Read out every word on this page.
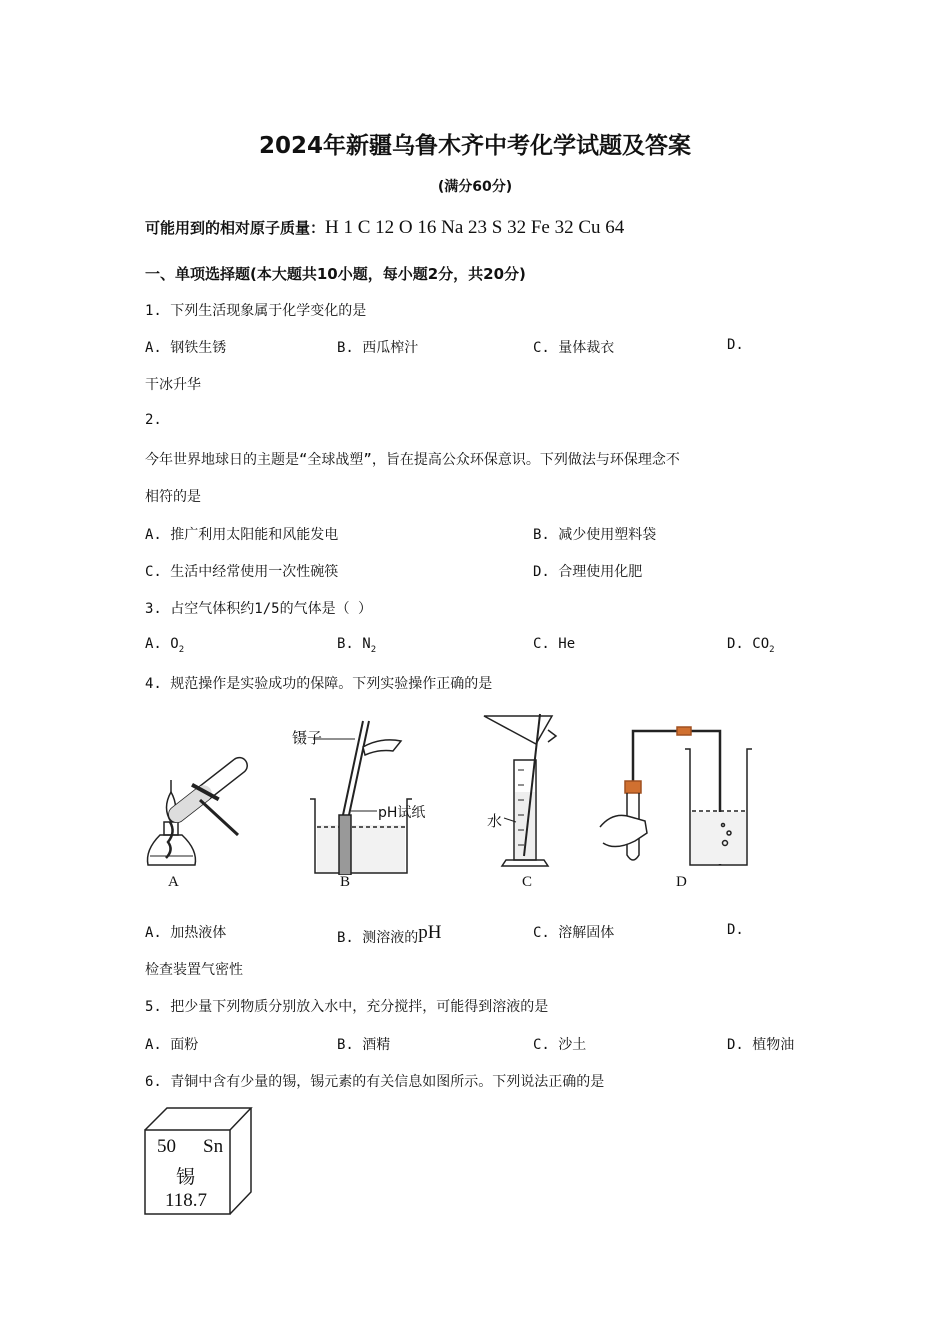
2024年新疆乌鲁木齐中考化学试题及答案
(满分60分)
可能用到的相对原子质量：H 1 C 12 O 16 Na 23 S 32 Fe 32 Cu 64
一、单项选择题(本大题共10小题，每小题2分，共20分)
1. 下列生活现象属于化学变化的是
A. 钢铁生锈	B. 西瓜榨汁	C. 量体裁衣	D.
干冰升华
2.
今年世界地球日的主题是“全球战塑”，旨在提高公众环保意识。下列做法与环保理念不
相符的是
A. 推广利用太阳能和风能发电	B. 减少使用塑料袋
C. 生活中经常使用一次性碗筷	D. 合理使用化肥
3. 占空气体积约1/5的气体是（ ）
A. $O_2$	B. $N_2$	C. He	D. $CO_2$
4. 规范操作是实验成功的保障。下列实验操作正确的是
A
镊子
pH试纸
B
水
C	D
A. 加热液体	B. 测溶液的pH	C. 溶解固体	D.
检查装置气密性
5. 把少量下列物质分别放入水中，充分搅拌，可能得到溶液的是
A. 面粉	B. 酒精	C. 沙土	D. 植物油
6. 青铜中含有少量的锡，锡元素的有关信息如图所示。下列说法正确的是
50 Sn
锡
118.7
